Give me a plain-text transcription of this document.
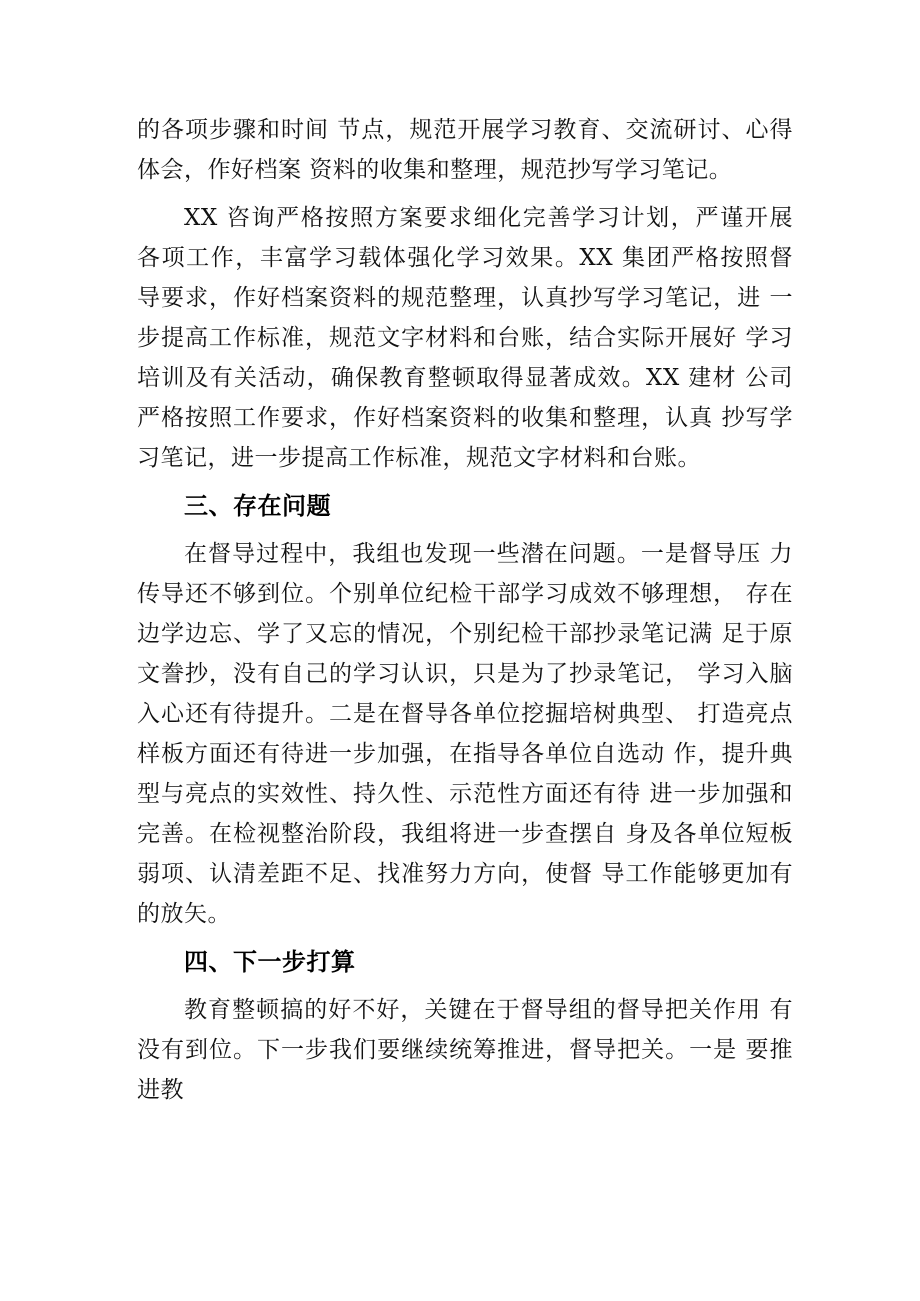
的各项步骤和时间 节点，规范开展学习教育、交流研讨、心得体会，作好档案 资料的收集和整理，规范抄写学习笔记。

XX 咨询严格按照方案要求细化完善学习计划，严谨开展 各项工作，丰富学习载体强化学习效果。XX 集团严格按照督 导要求，作好档案资料的规范整理，认真抄写学习笔记，进 一步提高工作标准，规范文字材料和台账，结合实际开展好 学习培训及有关活动，确保教育整顿取得显著成效。XX 建材 公司严格按照工作要求，作好档案资料的收集和整理，认真 抄写学习笔记，进一步提高工作标准，规范文字材料和台账。

三、存在问题

在督导过程中，我组也发现一些潜在问题。一是督导压 力传导还不够到位。个别单位纪检干部学习成效不够理想， 存在边学边忘、学了又忘的情况，个别纪检干部抄录笔记满 足于原文誊抄，没有自己的学习认识，只是为了抄录笔记， 学习入脑入心还有待提升。二是在督导各单位挖掘培树典型、 打造亮点样板方面还有待进一步加强，在指导各单位自选动 作，提升典型与亮点的实效性、持久性、示范性方面还有待 进一步加强和完善。在检视整治阶段，我组将进一步查摆自 身及各单位短板弱项、认清差距不足、找准努力方向，使督 导工作能够更加有的放矢。

四、下一步打算

教育整顿搞的好不好，关键在于督导组的督导把关作用 有没有到位。下一步我们要继续统筹推进，督导把关。一是 要推进教
